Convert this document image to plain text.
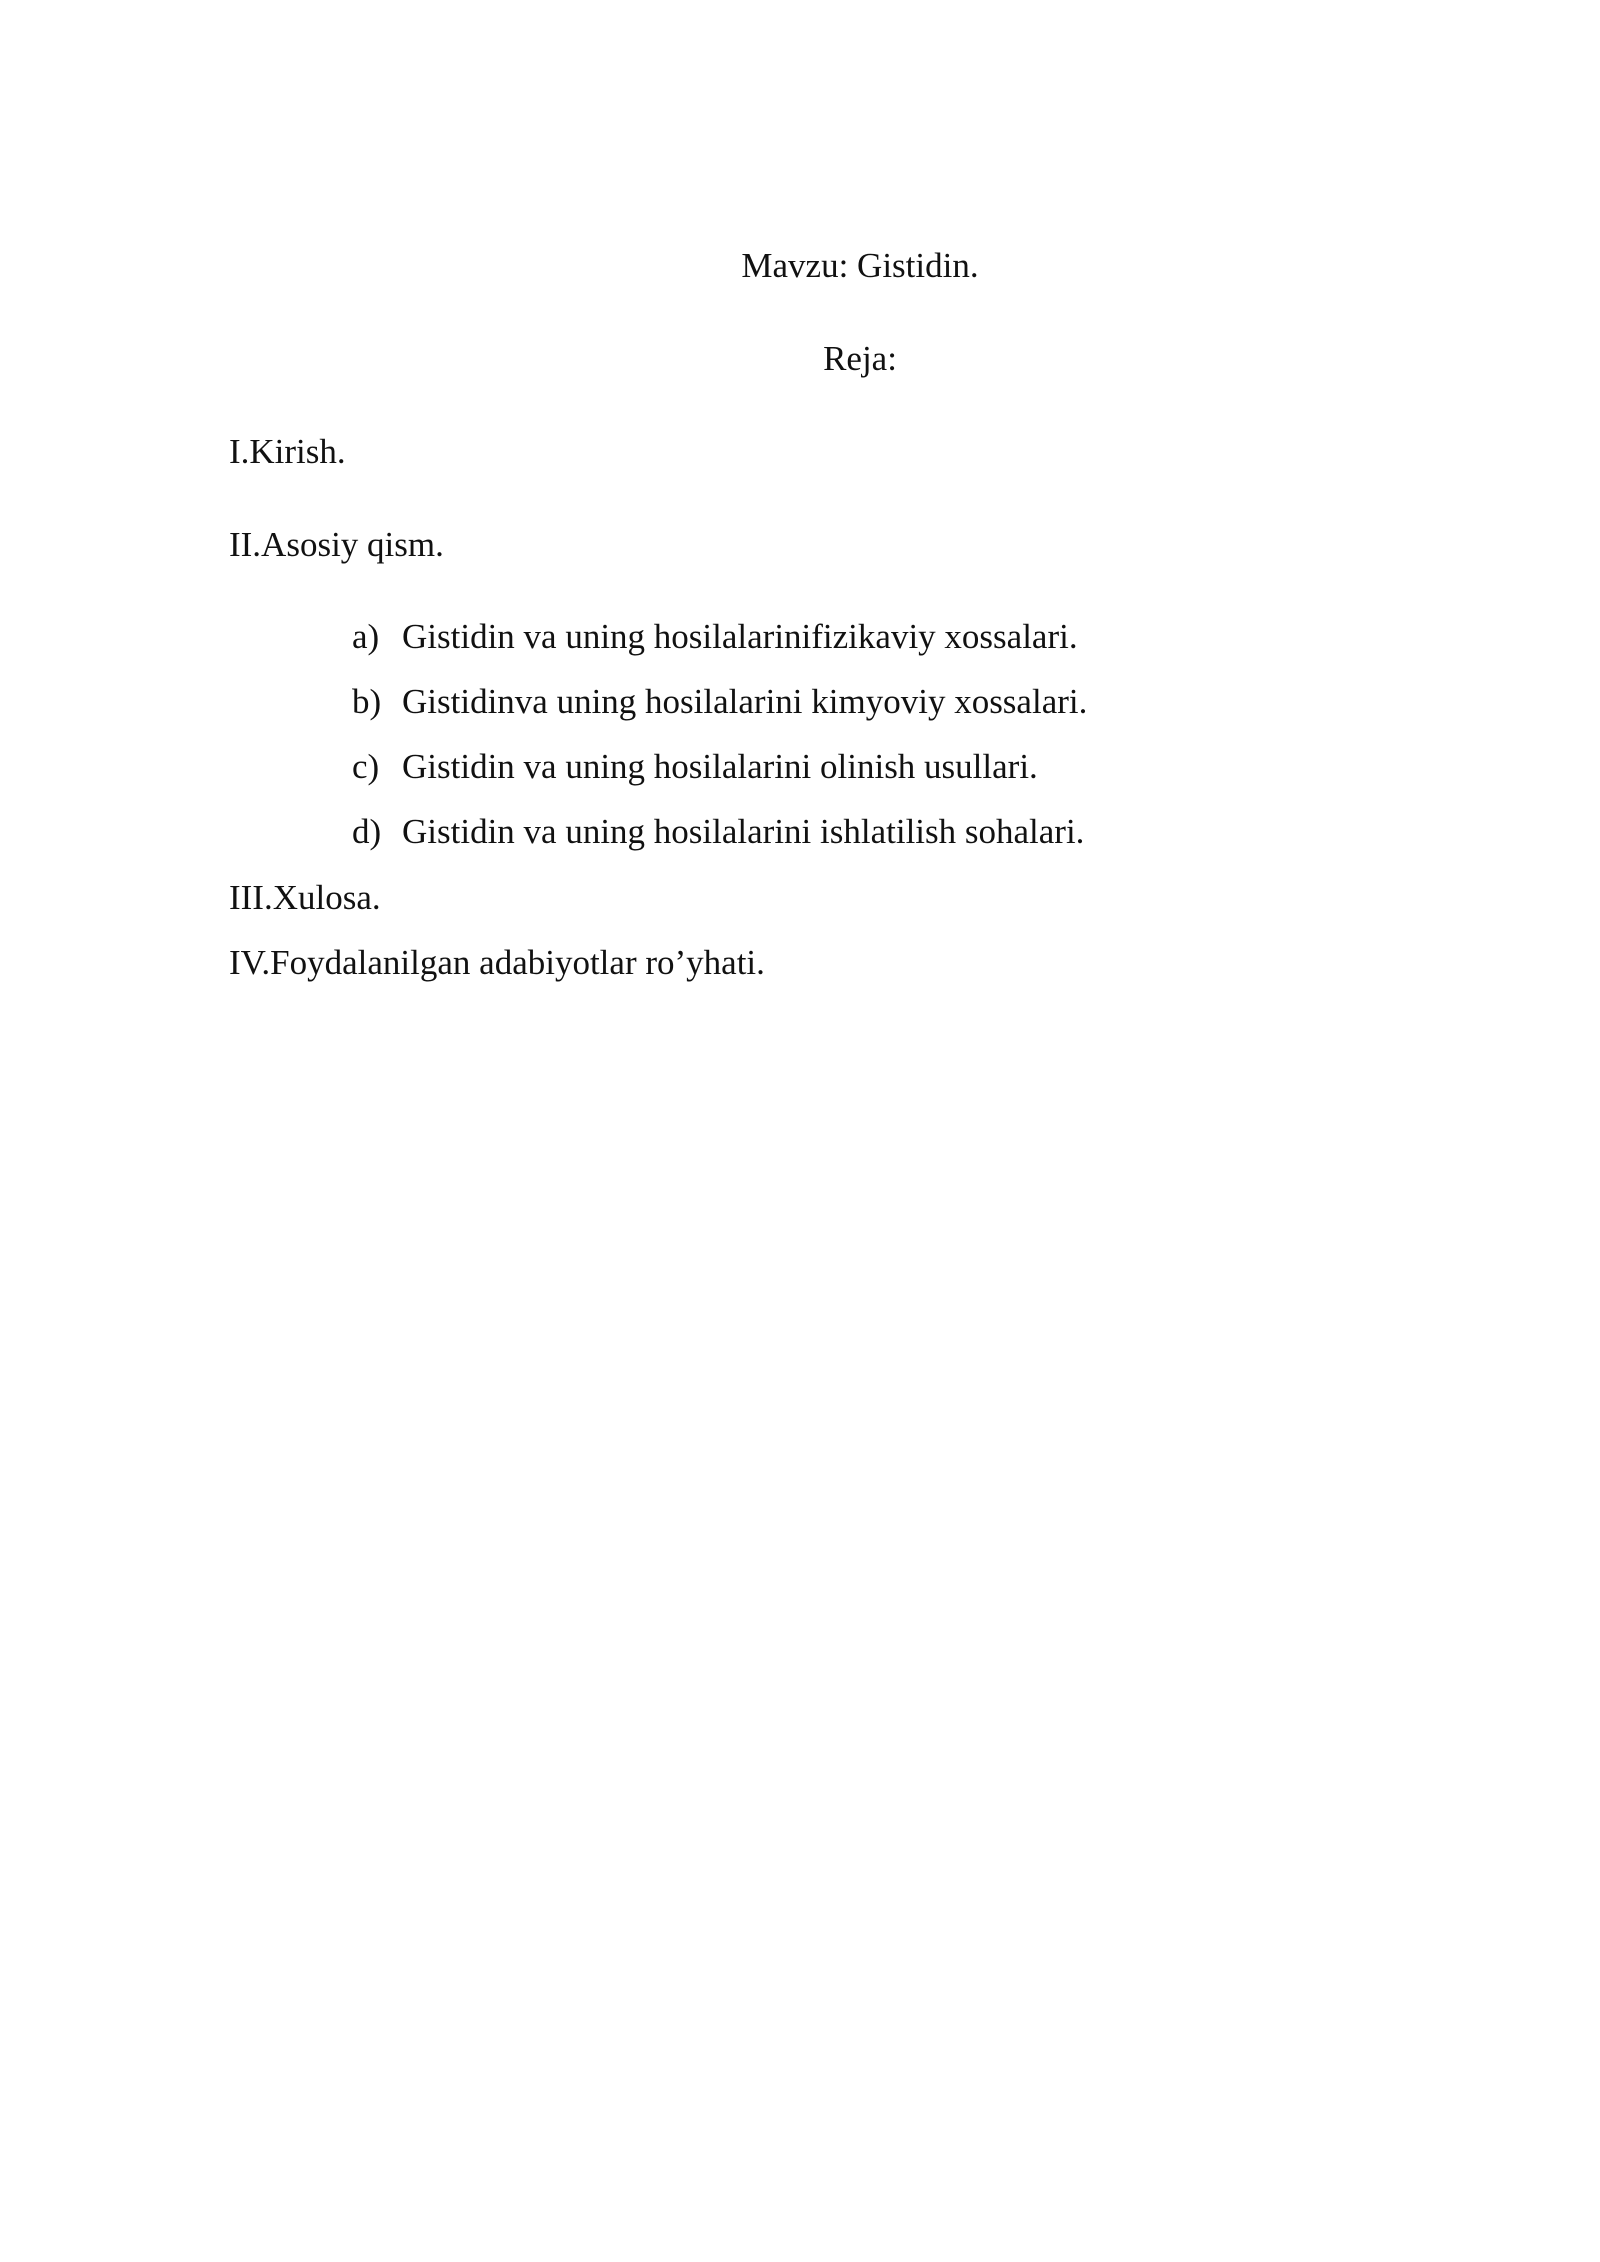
Mavzu: Gistidin.

Reja:

I.Kirish.

II.Asosiy qism.

a) Gistidin va uning hosilalarinifizikaviy xossalari.
b) Gistidinva uning hosilalarini kimyoviy xossalari.
c) Gistidin va uning hosilalarini olinish usullari.
d) Gistidin va uning hosilalarini ishlatilish sohalari.

III.Xulosa.

IV.Foydalanilgan adabiyotlar ro’yhati.
